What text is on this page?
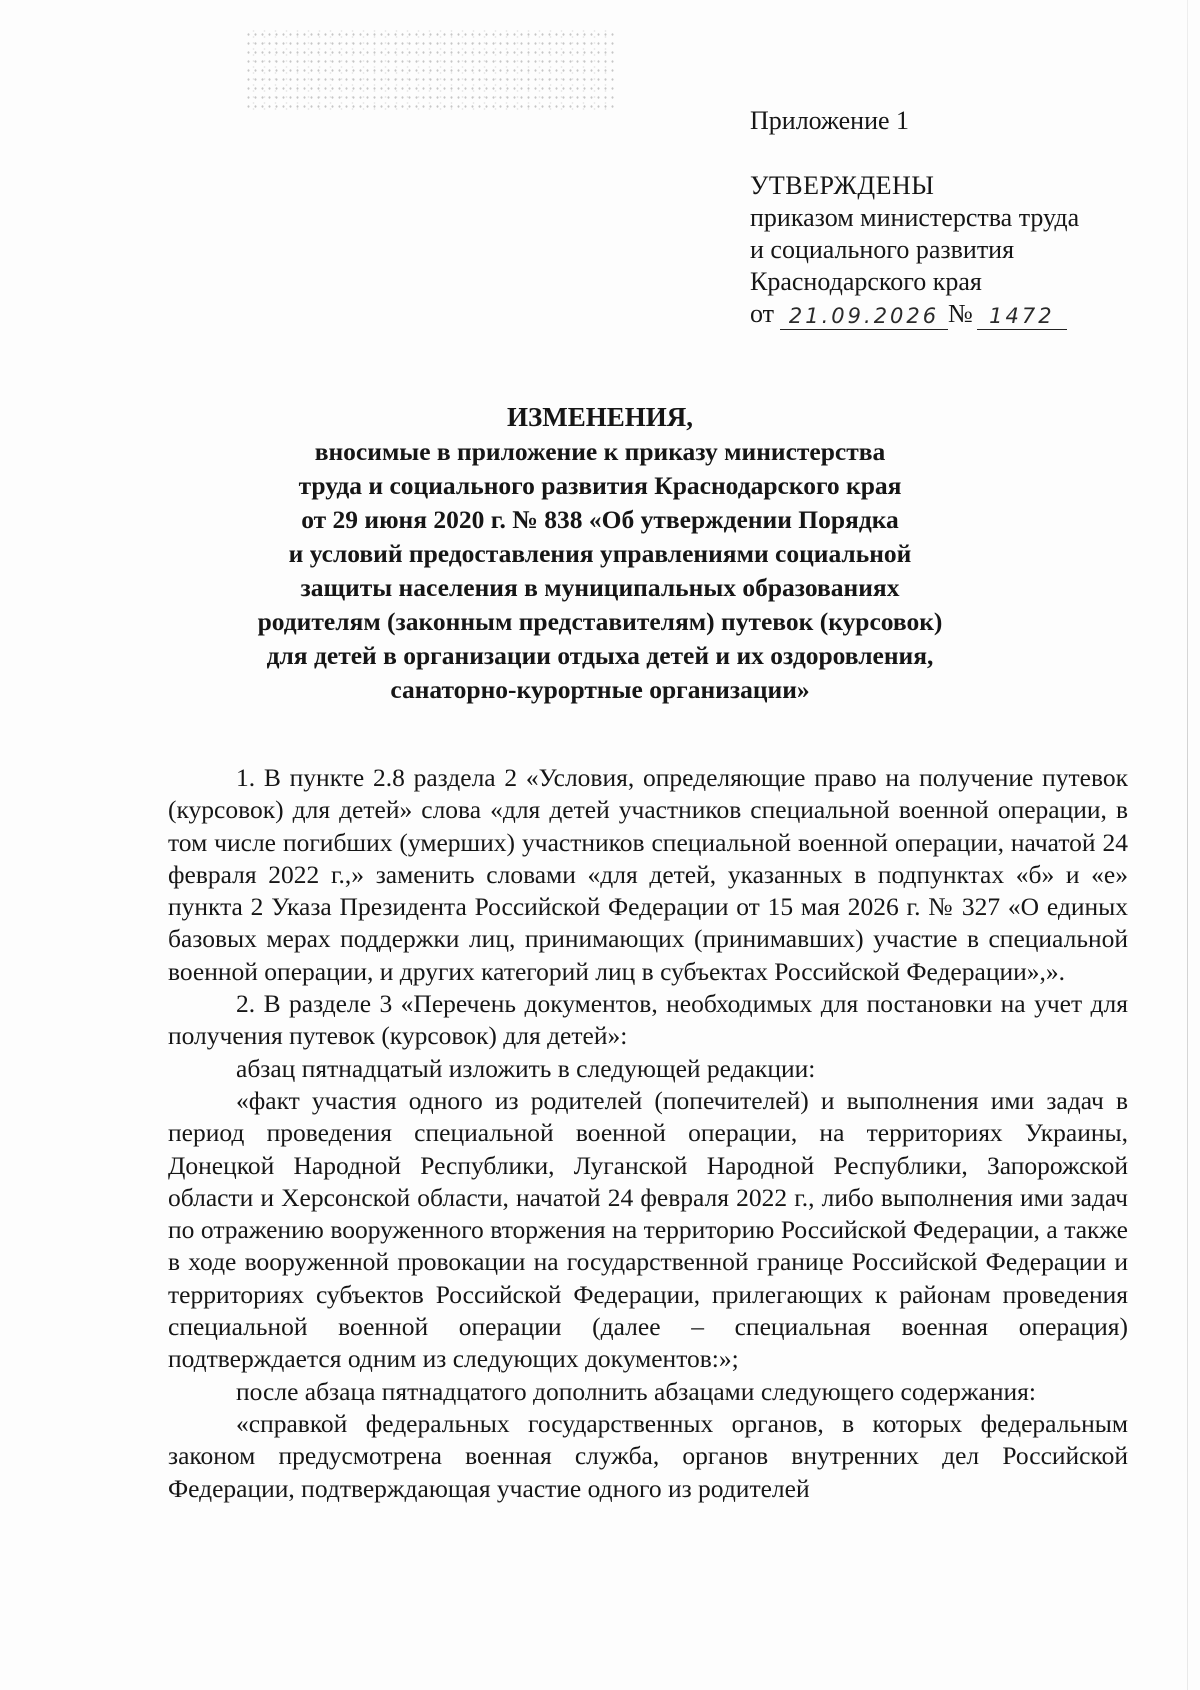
Приложение 1
УТВЕРЖДЕНЫ
приказом министерства труда
и социального развития
Краснодарского края
от 21.09.2026 № 1472
ИЗМЕНЕНИЯ,
вносимые в приложение к приказу министерства
труда и социального развития Краснодарского края
от 29 июня 2020 г. № 838 «Об утверждении Порядка
и условий предоставления управлениями социальной
защиты населения в муниципальных образованиях
родителям (законным представителям) путевок (курсовок)
для детей в организации отдыха детей и их оздоровления,
санаторно-курортные организации»

1. В пункте 2.8 раздела 2 «Условия, определяющие право на получение путевок (курсовок) для детей» слова «для детей участников специальной военной операции, в том числе погибших (умерших) участников специальной военной операции, начатой 24 февраля 2022 г.,» заменить словами «для детей, указанных в подпунктах «б» и «е» пункта 2 Указа Президента Российской Федерации от 15 мая 2026 г. № 327 «О единых базовых мерах поддержки лиц, принимающих (принимавших) участие в специальной военной операции, и других категорий лиц в субъектах Российской Федерации»,».

2. В разделе 3 «Перечень документов, необходимых для постановки на учет для получения путевок (курсовок) для детей»:

абзац пятнадцатый изложить в следующей редакции:

«факт участия одного из родителей (попечителей) и выполнения ими задач в период проведения специальной военной операции, на территориях Украины, Донецкой Народной Республики, Луганской Народной Республики, Запорожской области и Херсонской области, начатой 24 февраля 2022 г., либо выполнения ими задач по отражению вооруженного вторжения на территорию Российской Федерации, а также в ходе вооруженной провокации на государственной границе Российской Федерации и территориях субъектов Российской Федерации, прилегающих к районам проведения специальной военной операции (далее – специальная военная операция) подтверждается одним из следующих документов:»;

после абзаца пятнадцатого дополнить абзацами следующего содержания:

«справкой федеральных государственных органов, в которых федеральным законом предусмотрена военная служба, органов внутренних дел Российской Федерации, подтверждающая участие одного из родителей
